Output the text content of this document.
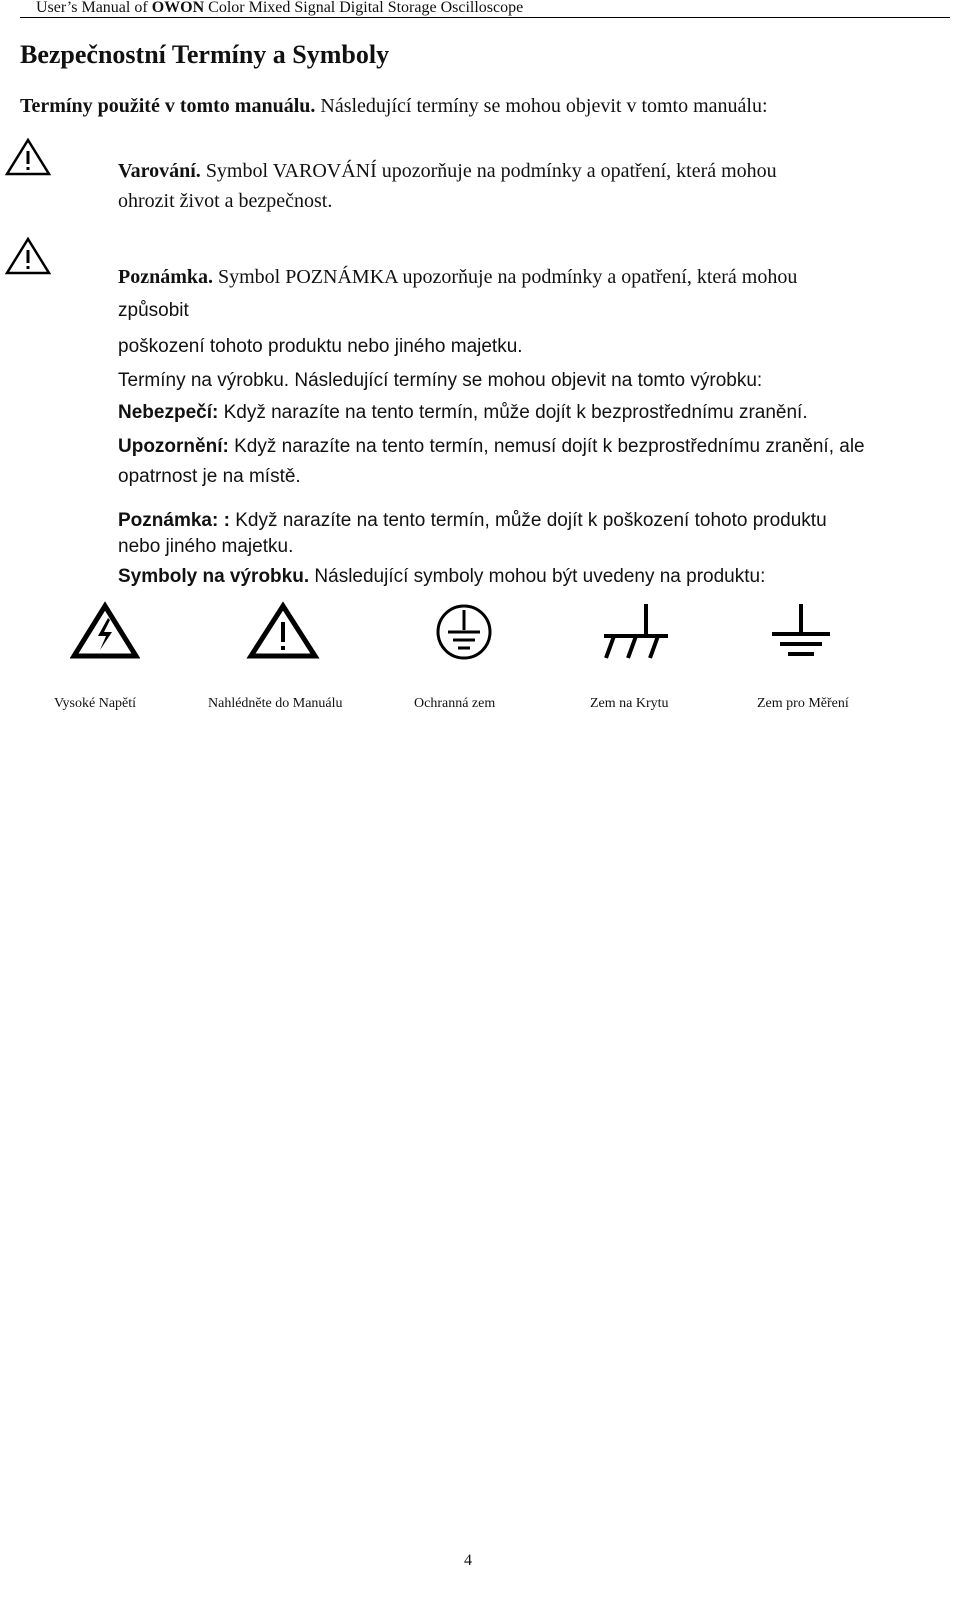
User’s Manual of OWON Color Mixed Signal Digital Storage Oscilloscope
Bezpečnostní Termíny a Symboly
Termíny použité v tomto manuálu. Následující termíny se mohou objevit v tomto manuálu:
Varování. Symbol VAROVÁNÍ upozorňuje na podmínky a opatření, která mohou
ohrozit život a bezpečnost.
Poznámka. Symbol POZNÁMKA upozorňuje na podmínky a opatření, která mohou
způsobit
poškození tohoto produktu nebo jiného majetku.
Termíny na výrobku. Následující termíny se mohou objevit na tomto výrobku:
Nebezpečí: Když narazíte na tento termín, může dojít k bezprostřednímu zranění.
Upozornění: Když narazíte na tento termín, nemusí dojít k bezprostřednímu zranění, ale
opatrnost je na místě.
Poznámka: : Když narazíte na tento termín, může dojít k poškození tohoto produktu
nebo jiného majetku.
Symboly na výrobku. Následující symboly mohou být uvedeny na produktu:
Vysoké Napětí	Nahlédněte do Manuálu	Ochranná zem	Zem na Krytu	Zem pro Měření
4
